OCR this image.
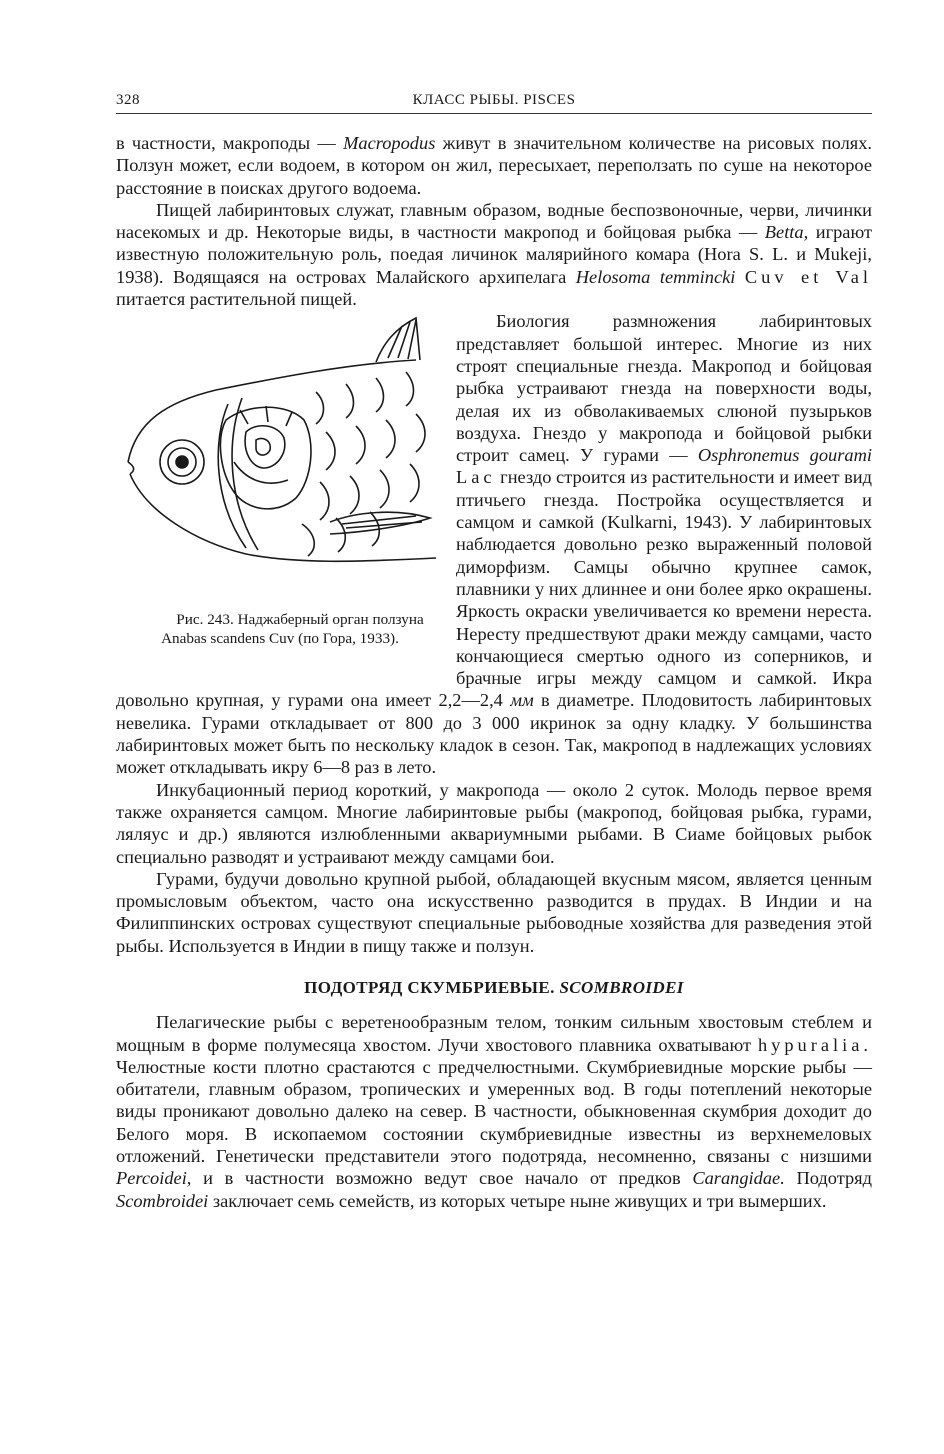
328	КЛАСС РЫБЫ. PISCES

в частности, макроподы — Macropodus живут в значительном количестве на рисовых полях. Ползун может, если водоем, в котором он жил, пересыхает, переползать по суше на некоторое расстояние в поисках другого водоема.

Пищей лабиринтовых служат, главным образом, водные беспозвоночные, черви, личинки насекомых и др. Некоторые виды, в частности макропод и бойцовая рыбка — Betta, играют известную положительную роль, поедая личинок малярийного комара (Hora S. L. и Mukeji, 1938). Водящаяся на островах Малайского архипелага Helosoma temmincki Cuv et Val питается растительной пищей.

Рис. 243. Наджаберный орган ползуна Anabas scandens Cuv (по Гора, 1933).
Биология размножения лабиринтовых представляет большой интерес. Многие из них строят специальные гнезда. Макропод и бойцовая рыбка устраивают гнезда на поверхности воды, делая их из обволакиваемых слюной пузырьков воздуха. Гнездо у макропода и бойцовой рыбки строит самец. У гурами — Osphronemus gourami Lac гнездо строится из растительности и имеет вид птичьего гнезда. Постройка осуществляется и самцом и самкой (Kulkarni, 1943). У лабиринтовых наблюдается довольно резко выраженный половой диморфизм. Самцы обычно крупнее самок, плавники у них длиннее и они более ярко окрашены. Яркость окраски увеличивается ко времени нереста. Нересту предшествуют драки между самцами, часто кончающиеся смертью одного из соперников, и брачные игры между самцом и самкой. Икра довольно крупная, у гурами она имеет 2,2—2,4 мм в диаметре. Плодовитость лабиринтовых невелика. Гурами откладывает от 800 до 3 000 икринок за одну кладку. У большинства лабиринтовых может быть по нескольку кладок в сезон. Так, макропод в надлежащих условиях может откладывать икру 6—8 раз в лето.

Инкубационный период короткий, у макропода — около 2 суток. Молодь первое время также охраняется самцом. Многие лабиринтовые рыбы (макропод, бойцовая рыбка, гурами, ляляус и др.) являются излюбленными аквариумными рыбами. В Сиаме бойцовых рыбок специально разводят и устраивают между самцами бои.

Гурами, будучи довольно крупной рыбой, обладающей вкусным мясом, является ценным промысловым объектом, часто она искусственно разводится в прудах. В Индии и на Филиппинских островах существуют специальные рыбоводные хозяйства для разведения этой рыбы. Используется в Индии в пищу также и ползун.

ПОДОТРЯД СКУМБРИЕВЫЕ. SCOMBROIDEI

Пелагические рыбы с веретенообразным телом, тонким сильным хвостовым стеблем и мощным в форме полумесяца хвостом. Лучи хвостового плавника охватывают hypuralia. Челюстные кости плотно срастаются с предчелюстными. Скумбриевидные морские рыбы — обитатели, главным образом, тропических и умеренных вод. В годы потеплений некоторые виды проникают довольно далеко на север. В частности, обыкновенная скумбрия доходит до Белого моря. В ископаемом состоянии скумбриевидные известны из верхнемеловых отложений. Генетически представители этого подотряда, несомненно, связаны с низшими Percoidei, и в частности возможно ведут свое начало от предков Carangidae. Подотряд Scombroidei заключает семь семейств, из которых четыре ныне живущих и три вымерших.
